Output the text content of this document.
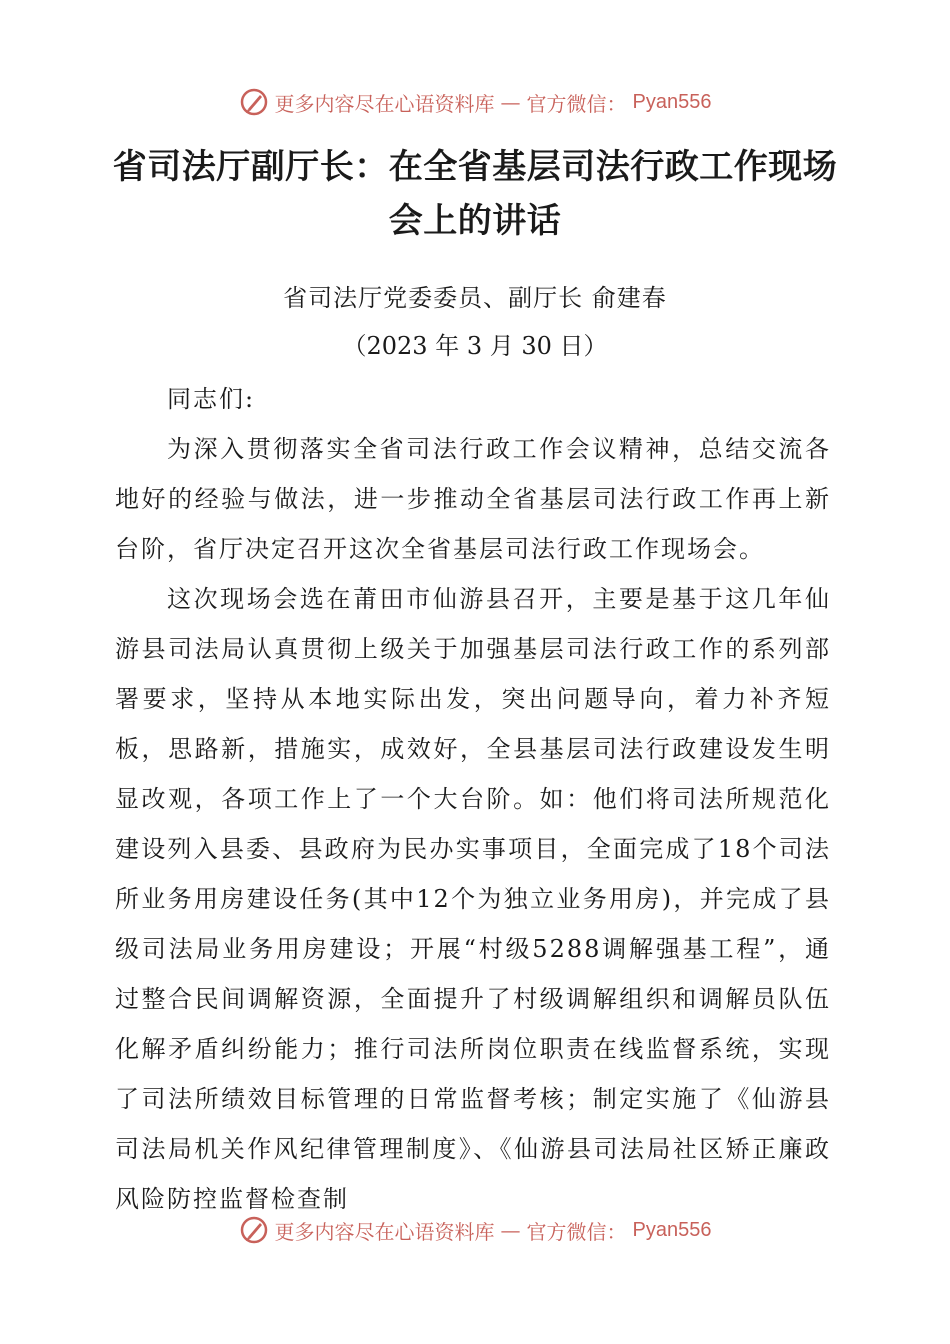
更多内容尽在心语资料库 — 官方微信： Pyan556
省司法厅副厅长：在全省基层司法行政工作现场会上的讲话
省司法厅党委委员、副厅长 俞建春
（2023 年 3 月 30 日）

同志们:

为深入贯彻落实全省司法行政工作会议精神，总结交流各地好的经验与做法，进一步推动全省基层司法行政工作再上新台阶，省厅决定召开这次全省基层司法行政工作现场会。

这次现场会选在莆田市仙游县召开，主要是基于这几年仙游县司法局认真贯彻上级关于加强基层司法行政工作的系列部署要求，坚持从本地实际出发，突出问题导向，着力补齐短板，思路新，措施实，成效好，全县基层司法行政建设发生明显改观，各项工作上了一个大台阶。如：他们将司法所规范化建设列入县委、县政府为民办实事项目，全面完成了18个司法所业务用房建设任务(其中12个为独立业务用房)，并完成了县级司法局业务用房建设；开展“村级5288调解强基工程”，通过整合民间调解资源，全面提升了村级调解组织和调解员队伍化解矛盾纠纷能力；推行司法所岗位职责在线监督系统，实现了司法所绩效目标管理的日常监督考核；制定实施了《仙游县司法局机关作风纪律管理制度》、《仙游县司法局社区矫正廉政风险防控监督检查制

更多内容尽在心语资料库 — 官方微信： Pyan556
